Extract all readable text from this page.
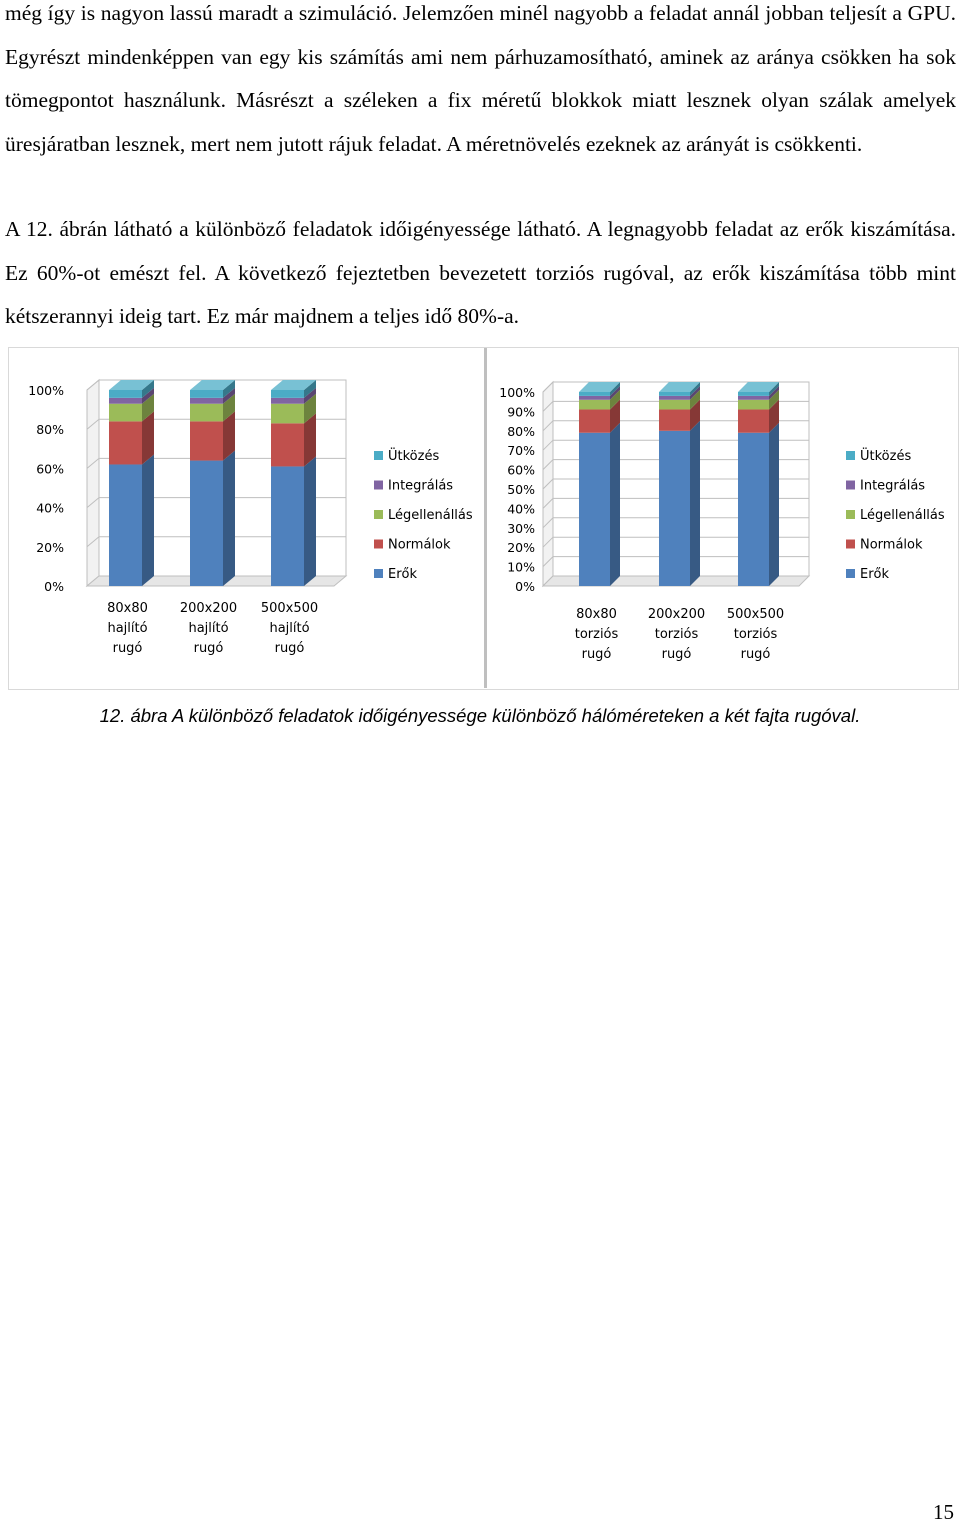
még így is nagyon lassú maradt a szimuláció. Jelemzően minél nagyobb a feladat annál jobban teljesít a GPU. Egyrészt mindenképpen van egy kis számítás ami nem párhuzamosítható, aminek az aránya csökken ha sok tömegpontot használunk. Másrészt a széleken a fix méretű blokkok miatt lesznek olyan szálak amelyek üresjáratban lesznek, mert nem jutott rájuk feladat. A méretnövelés ezeknek az arányát is csökkenti.

A 12. ábrán látható a különböző feladatok időigényessége látható. A legnagyobb feladat az erők kiszámítása. Ez 60%-ot emészt fel. A következő fejeztetben bevezetett torziós rugóval, az erők kiszámítása több mint kétszerannyi ideig tart. Ez már majdnem a teljes idő 80%-a.

0%
20%
40%
60%
80%
100%
80x80
hajlító
rugó
200x200
hajlító
rugó
500x500
hajlító
rugó
Ütközés
Integrálás
Légellenállás
Normálok
Erők
0%
10%
20%
30%
40%
50%
60%
70%
80%
90%
100%
80x80
torziós
rugó
200x200
torziós
rugó
500x500
torziós
rugó
Ütközés
Integrálás
Légellenállás
Normálok
Erők
12. ábra A különböző feladatok időigényessége különböző hálóméreteken a két fajta rugóval.
15
